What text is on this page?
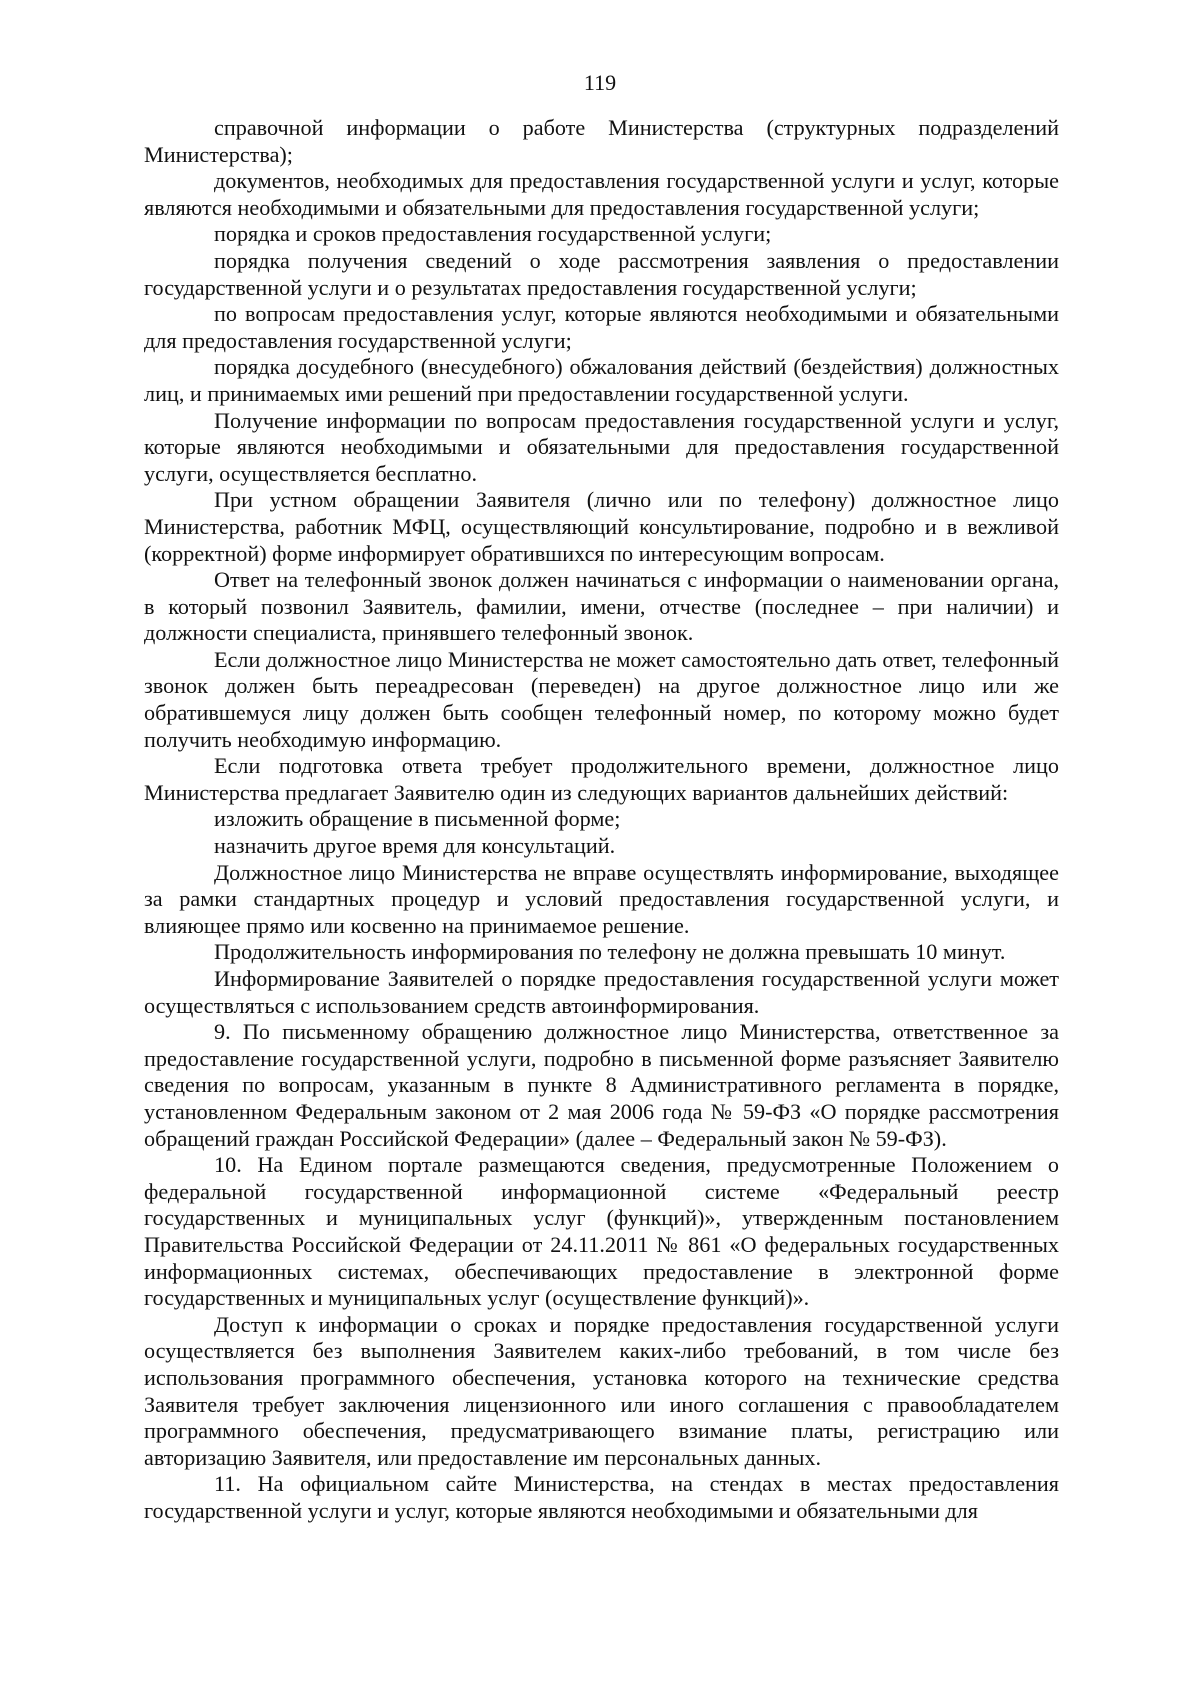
119

справочной информации о работе Министерства (структурных подразделений Министерства);

документов, необходимых для предоставления государственной услуги и услуг, которые являются необходимыми и обязательными для предоставления государственной услуги;

порядка и сроков предоставления государственной услуги;

порядка получения сведений о ходе рассмотрения заявления о предоставлении государственной услуги и о результатах предоставления государственной услуги;

по вопросам предоставления услуг, которые являются необходимыми и обязательными для предоставления государственной услуги;

порядка досудебного (внесудебного) обжалования действий (бездействия) должностных лиц, и принимаемых ими решений при предоставлении государственной услуги.

Получение информации по вопросам предоставления государственной услуги и услуг, которые являются необходимыми и обязательными для предоставления государственной услуги, осуществляется бесплатно.

При устном обращении Заявителя (лично или по телефону) должностное лицо Министерства, работник МФЦ, осуществляющий консультирование, подробно и в вежливой (корректной) форме информирует обратившихся по интересующим вопросам.

Ответ на телефонный звонок должен начинаться с информации о наименовании органа, в который позвонил Заявитель, фамилии, имени, отчестве (последнее – при наличии) и должности специалиста, принявшего телефонный звонок.

Если должностное лицо Министерства не может самостоятельно дать ответ, телефонный звонок должен быть переадресован (переведен) на другое должностное лицо или же обратившемуся лицу должен быть сообщен телефонный номер, по которому можно будет получить необходимую информацию.

Если подготовка ответа требует продолжительного времени, должностное лицо Министерства предлагает Заявителю один из следующих вариантов дальнейших действий:

изложить обращение в письменной форме;

назначить другое время для консультаций.

Должностное лицо Министерства не вправе осуществлять информирование, выходящее за рамки стандартных процедур и условий предоставления государственной услуги, и влияющее прямо или косвенно на принимаемое решение.

Продолжительность информирования по телефону не должна превышать 10 минут.

Информирование Заявителей о порядке предоставления государственной услуги может осуществляться с использованием средств автоинформирования.

9. По письменному обращению должностное лицо Министерства, ответственное за предоставление государственной услуги, подробно в письменной форме разъясняет Заявителю сведения по вопросам, указанным в пункте 8 Административного регламента в порядке, установленном Федеральным законом от 2 мая 2006 года № 59-ФЗ «О порядке рассмотрения обращений граждан Российской Федерации» (далее – Федеральный закон № 59-ФЗ).

10. На Едином портале размещаются сведения, предусмотренные Положением о федеральной государственной информационной системе «Федеральный реестр государственных и муниципальных услуг (функций)», утвержденным постановлением Правительства Российской Федерации от 24.11.2011 № 861 «О федеральных государственных информационных системах, обеспечивающих предоставление в электронной форме государственных и муниципальных услуг (осуществление функций)».

Доступ к информации о сроках и порядке предоставления государственной услуги осуществляется без выполнения Заявителем каких-либо требований, в том числе без использования программного обеспечения, установка которого на технические средства Заявителя требует заключения лицензионного или иного соглашения с правообладателем программного обеспечения, предусматривающего взимание платы, регистрацию или авторизацию Заявителя, или предоставление им персональных данных.

11. На официальном сайте Министерства, на стендах в местах предоставления государственной услуги и услуг, которые являются необходимыми и обязательными для
